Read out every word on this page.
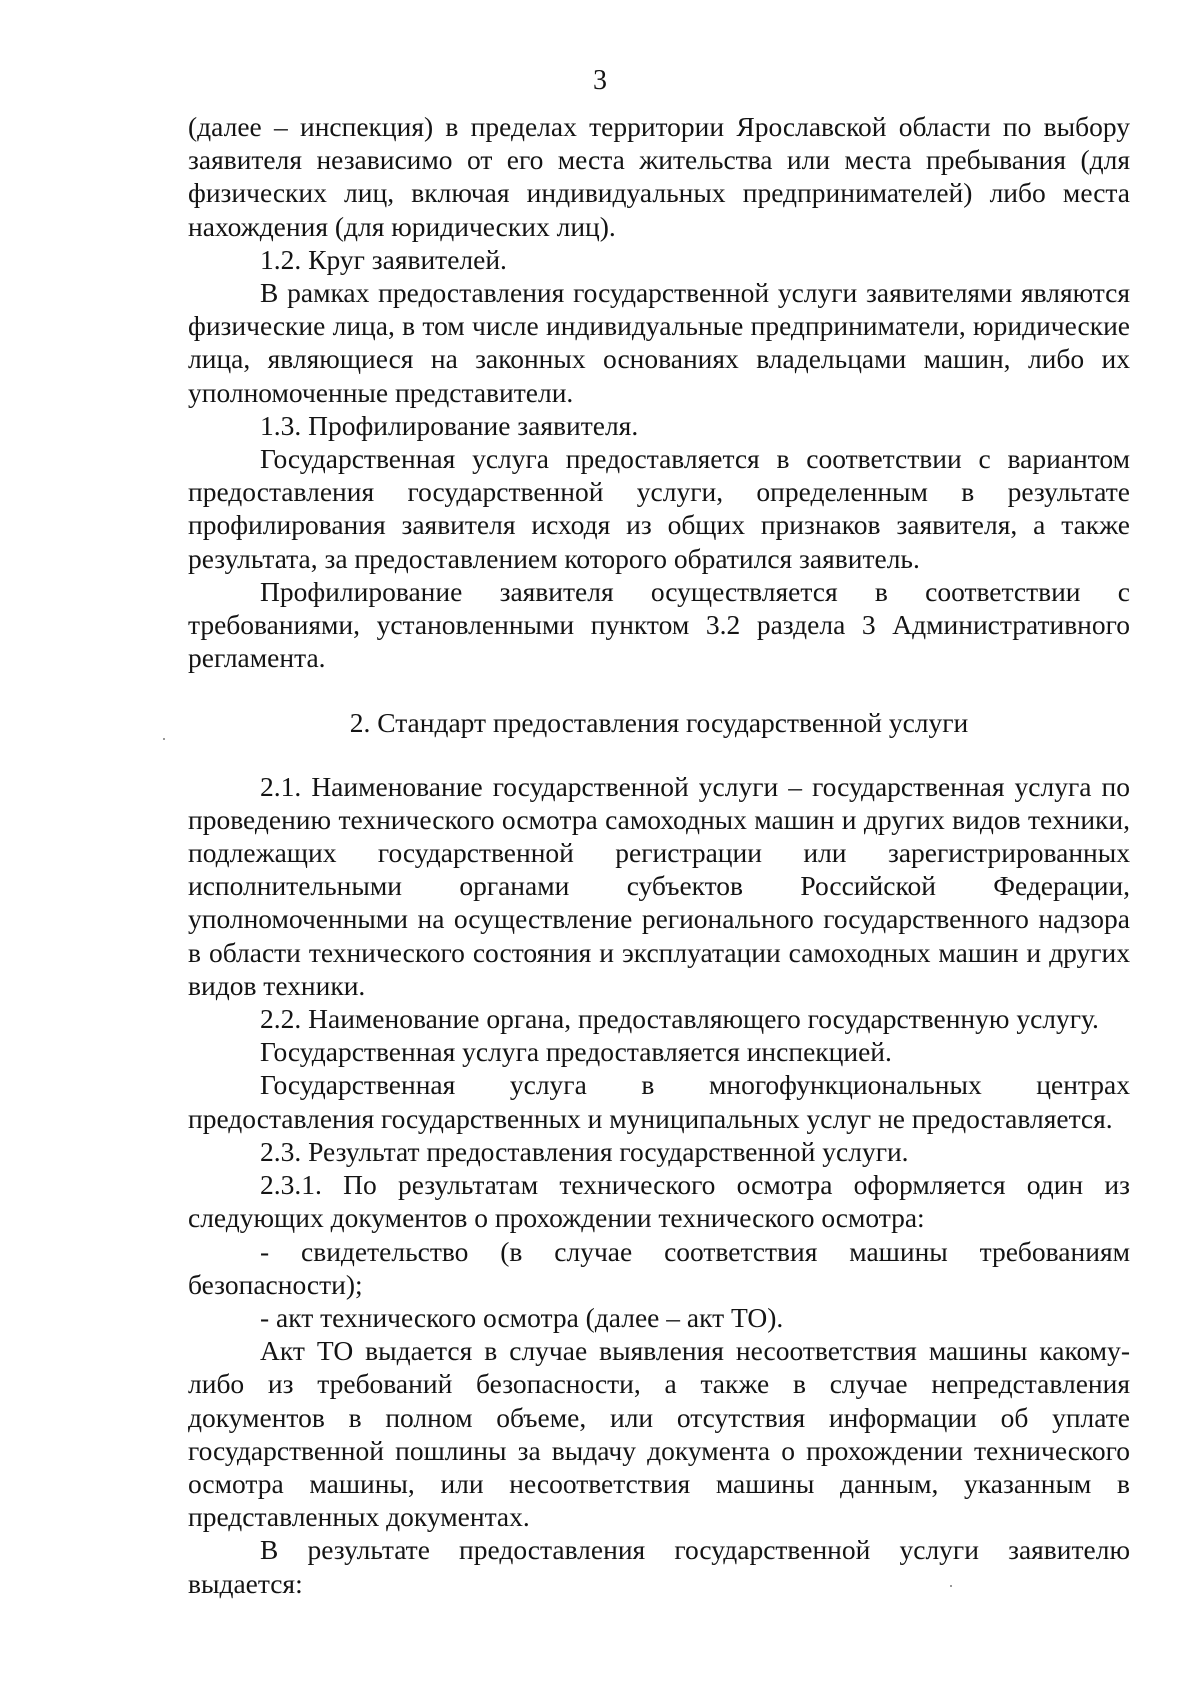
3

(далее – инспекция) в пределах территории Ярославской области по выбору заявителя независимо от его места жительства или места пребывания (для физических лиц, включая индивидуальных предпринимателей) либо места нахождения (для юридических лиц).

1.2. Круг заявителей.

В рамках предоставления государственной услуги заявителями являются физические лица, в том числе индивидуальные предприниматели, юридические лица, являющиеся на законных основаниях владельцами машин, либо их уполномоченные представители.

1.3. Профилирование заявителя.

Государственная услуга предоставляется в соответствии с вариантом предоставления государственной услуги, определенным в результате профилирования заявителя исходя из общих признаков заявителя, а также результата, за предоставлением которого обратился заявитель.

Профилирование заявителя осуществляется в соответствии с требованиями, установленными пунктом 3.2 раздела 3 Административного регламента.

2. Стандарт предоставления государственной услуги

2.1. Наименование государственной услуги – государственная услуга по проведению технического осмотра самоходных машин и других видов техники, подлежащих государственной регистрации или зарегистрированных исполнительными органами субъектов Российской Федерации, уполномоченными на осуществление регионального государственного надзора в области технического состояния и эксплуатации самоходных машин и других видов техники.

2.2. Наименование органа, предоставляющего государственную услугу.

Государственная услуга предоставляется инспекцией.

Государственная услуга в многофункциональных центрах предоставления государственных и муниципальных услуг не предоставляется.

2.3. Результат предоставления государственной услуги.

2.3.1. По результатам технического осмотра оформляется один из следующих документов о прохождении технического осмотра:

- свидетельство (в случае соответствия машины требованиям безопасности);

- акт технического осмотра (далее – акт ТО).

Акт ТО выдается в случае выявления несоответствия машины какому-либо из требований безопасности, а также в случае непредставления документов в полном объеме, или отсутствия информации об уплате государственной пошлины за выдачу документа о прохождении технического осмотра машины, или несоответствия машины данным, указанным в представленных документах.

В результате предоставления государственной услуги заявителю выдается:
